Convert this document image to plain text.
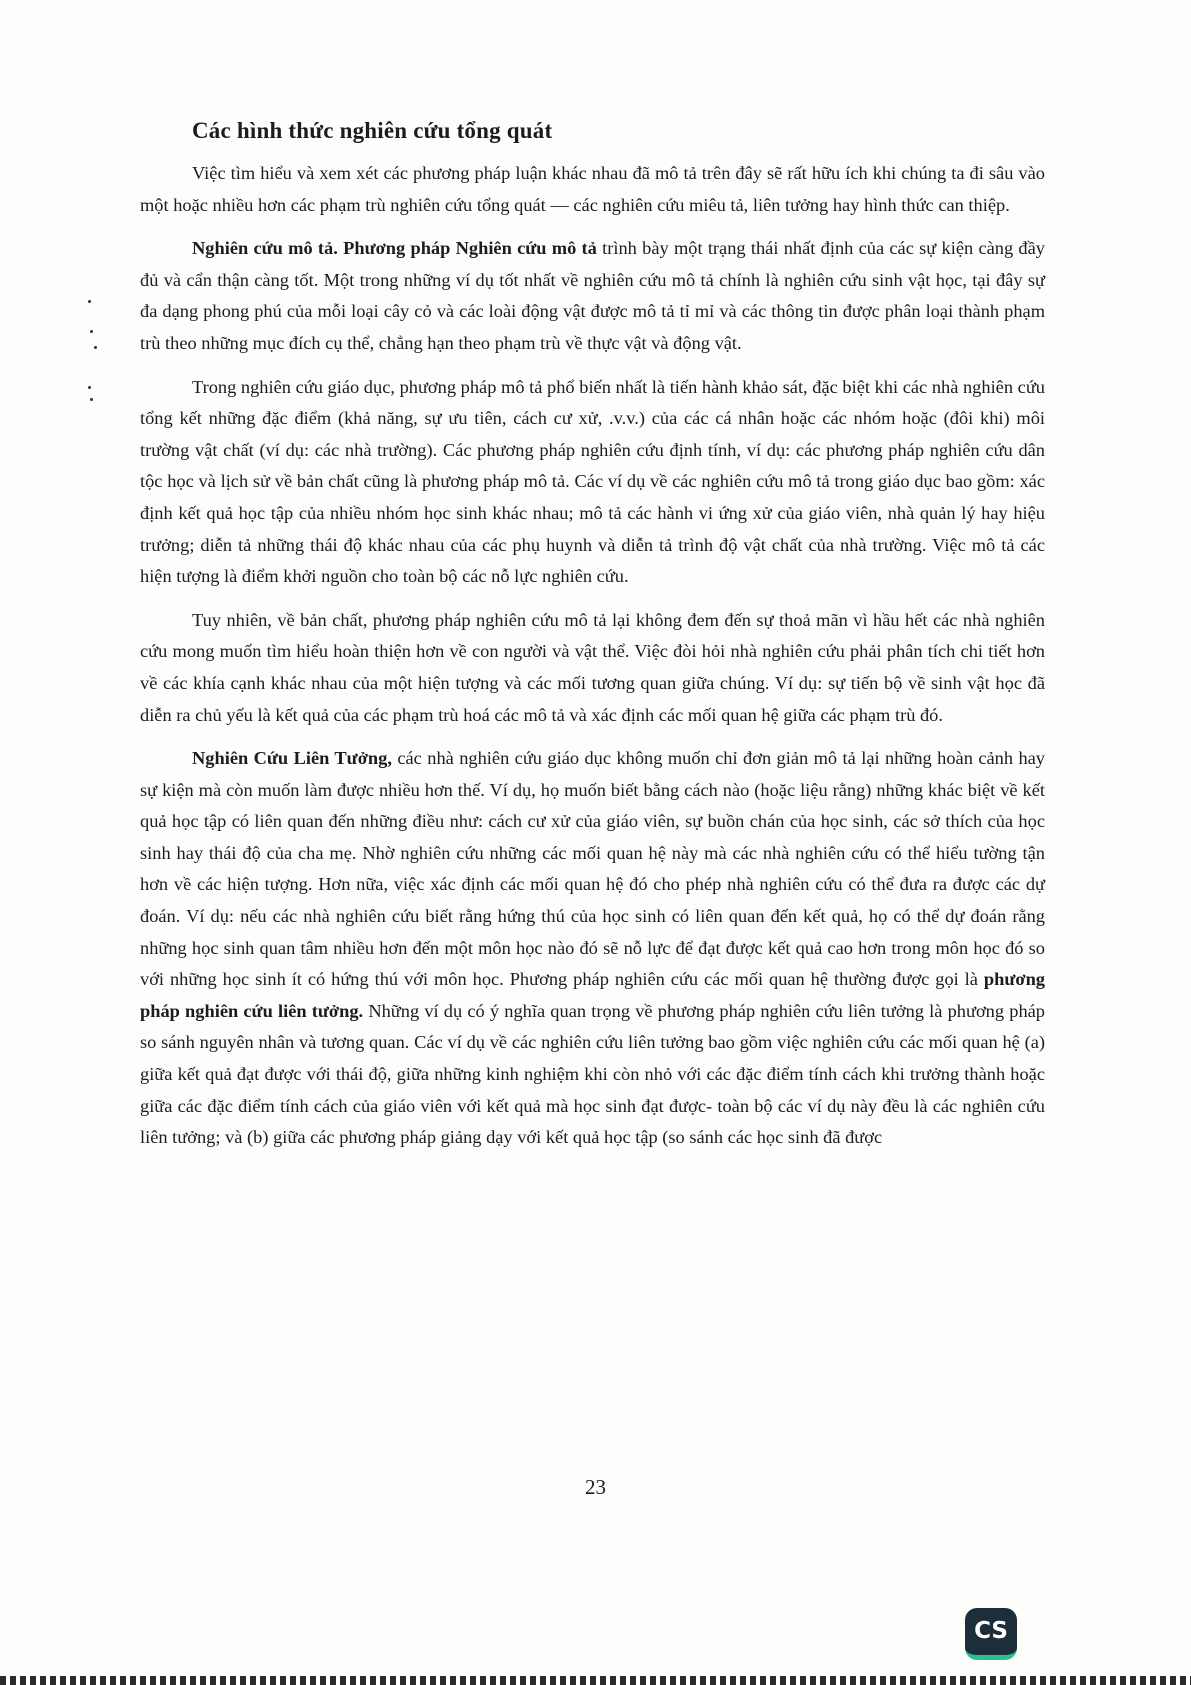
Các hình thức nghiên cứu tổng quát

Việc tìm hiểu và xem xét các phương pháp luận khác nhau đã mô tả trên đây sẽ rất hữu ích khi chúng ta đi sâu vào một hoặc nhiều hơn các phạm trù nghiên cứu tổng quát — các nghiên cứu miêu tả, liên tưởng hay hình thức can thiệp.

Nghiên cứu mô tả. Phương pháp Nghiên cứu mô tả trình bày một trạng thái nhất định của các sự kiện càng đầy đủ và cẩn thận càng tốt. Một trong những ví dụ tốt nhất về nghiên cứu mô tả chính là nghiên cứu sinh vật học, tại đây sự đa dạng phong phú của mỗi loại cây cỏ và các loài động vật được mô tả tỉ mỉ và các thông tin được phân loại thành phạm trù theo những mục đích cụ thể, chẳng hạn theo phạm trù về thực vật và động vật.

Trong nghiên cứu giáo dục, phương pháp mô tả phổ biến nhất là tiến hành khảo sát, đặc biệt khi các nhà nghiên cứu tổng kết những đặc điểm (khả năng, sự ưu tiên, cách cư xử, .v.v.) của các cá nhân hoặc các nhóm hoặc (đôi khi) môi trường vật chất (ví dụ: các nhà trường). Các phương pháp nghiên cứu định tính, ví dụ: các phương pháp nghiên cứu dân tộc học và lịch sử về bản chất cũng là phương pháp mô tả. Các ví dụ về các nghiên cứu mô tả trong giáo dục bao gồm: xác định kết quả học tập của nhiều nhóm học sinh khác nhau; mô tả các hành vi ứng xử của giáo viên, nhà quản lý hay hiệu trưởng; diễn tả những thái độ khác nhau của các phụ huynh và diễn tả trình độ vật chất của nhà trường. Việc mô tả các hiện tượng là điểm khởi nguồn cho toàn bộ các nỗ lực nghiên cứu.

Tuy nhiên, về bản chất, phương pháp nghiên cứu mô tả lại không đem đến sự thoả mãn vì hầu hết các nhà nghiên cứu mong muốn tìm hiểu hoàn thiện hơn về con người và vật thể. Việc đòi hỏi nhà nghiên cứu phải phân tích chi tiết hơn về các khía cạnh khác nhau của một hiện tượng và các mối tương quan giữa chúng. Ví dụ: sự tiến bộ về sinh vật học đã diễn ra chủ yếu là kết quả của các phạm trù hoá các mô tả và xác định các mối quan hệ giữa các phạm trù đó.

Nghiên Cứu Liên Tưởng, các nhà nghiên cứu giáo dục không muốn chỉ đơn giản mô tả lại những hoàn cảnh hay sự kiện mà còn muốn làm được nhiều hơn thế. Ví dụ, họ muốn biết bằng cách nào (hoặc liệu rằng) những khác biệt về kết quả học tập có liên quan đến những điều như: cách cư xử của giáo viên, sự buồn chán của học sinh, các sở thích của học sinh hay thái độ của cha mẹ. Nhờ nghiên cứu những các mối quan hệ này mà các nhà nghiên cứu có thể hiểu tường tận hơn về các hiện tượng. Hơn nữa, việc xác định các mối quan hệ đó cho phép nhà nghiên cứu có thể đưa ra được các dự đoán. Ví dụ: nếu các nhà nghiên cứu biết rằng hứng thú của học sinh có liên quan đến kết quả, họ có thể dự đoán rằng những học sinh quan tâm nhiều hơn đến một môn học nào đó sẽ nỗ lực để đạt được kết quả cao hơn trong môn học đó so với những học sinh ít có hứng thú với môn học. Phương pháp nghiên cứu các mối quan hệ thường được gọi là phương pháp nghiên cứu liên tưởng. Những ví dụ có ý nghĩa quan trọng về phương pháp nghiên cứu liên tưởng là phương pháp so sánh nguyên nhân và tương quan. Các ví dụ về các nghiên cứu liên tưởng bao gồm việc nghiên cứu các mối quan hệ (a) giữa kết quả đạt được với thái độ, giữa những kinh nghiệm khi còn nhỏ với các đặc điểm tính cách khi trưởng thành hoặc giữa các đặc điểm tính cách của giáo viên với kết quả mà học sinh đạt được- toàn bộ các ví dụ này đều là các nghiên cứu liên tưởng; và (b) giữa các phương pháp giảng dạy với kết quả học tập (so sánh các học sinh đã được

23
CS
